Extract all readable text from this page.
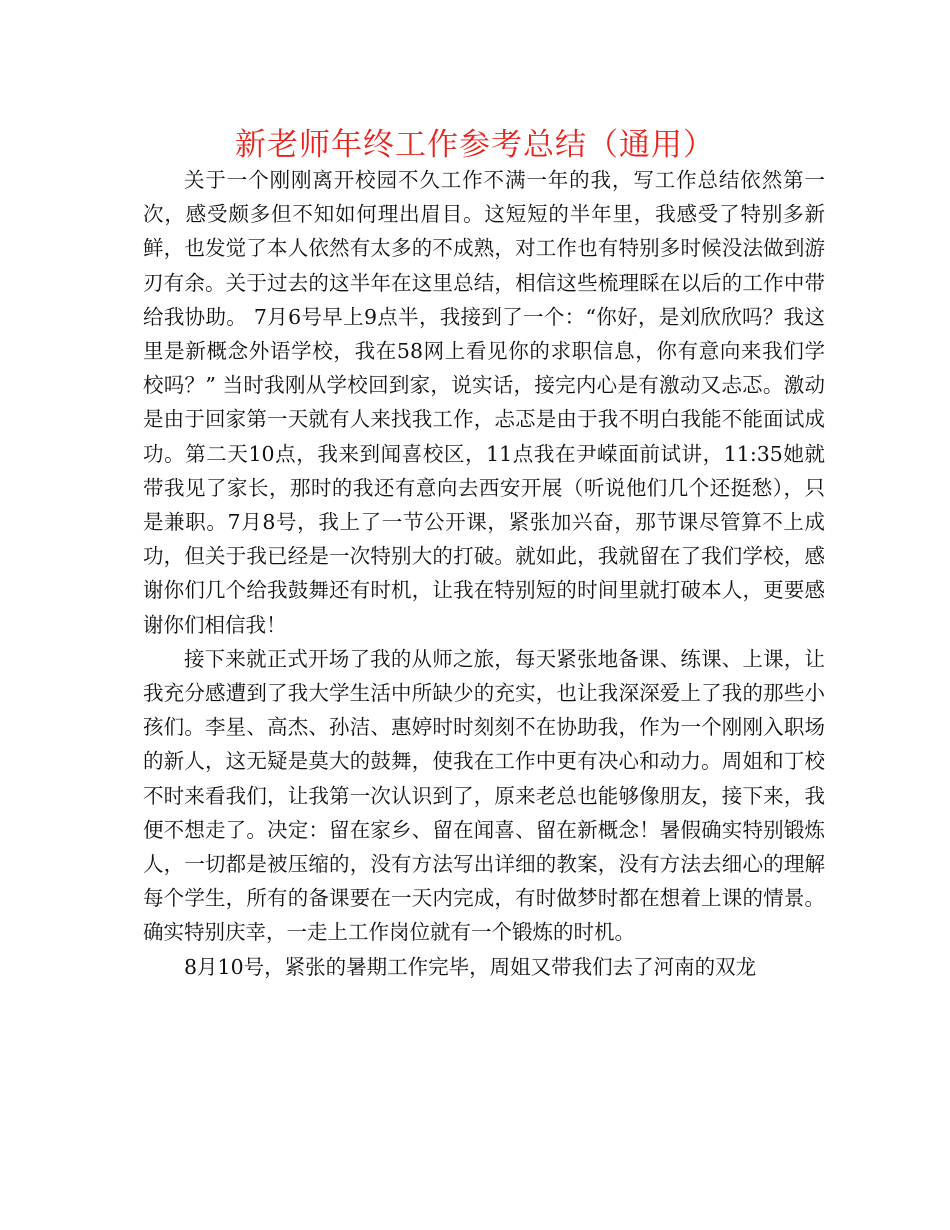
新老师年终工作参考总结（通用）

关于一个刚刚离开校园不久工作不满一年的我，写工作总结依然第一次，感受颇多但不知如何理出眉目。这短短的半年里，我感受了特别多新鲜，也发觉了本人依然有太多的不成熟，对工作也有特别多时候没法做到游刃有余。关于过去的这半年在这里总结，相信这些梳理睬在以后的工作中带给我协助。 7月6号早上9点半，我接到了一个：“你好，是刘欣欣吗？我这里是新概念外语学校，我在58网上看见你的求职信息，你有意向来我们学校吗？” 当时我刚从学校回到家，说实话，接完内心是有激动又忐忑。激动是由于回家第一天就有人来找我工作，忐忑是由于我不明白我能不能面试成功。第二天10点，我来到闻喜校区，11点我在尹嵘面前试讲，11:35她就带我见了家长，那时的我还有意向去西安开展（听说他们几个还挺愁），只是兼职。7月8号，我上了一节公开课，紧张加兴奋，那节课尽管算不上成功，但关于我已经是一次特别大的打破。就如此，我就留在了我们学校，感谢你们几个给我鼓舞还有时机，让我在特别短的时间里就打破本人，更要感谢你们相信我！

接下来就正式开场了我的从师之旅，每天紧张地备课、练课、上课，让我充分感遭到了我大学生活中所缺少的充实，也让我深深爱上了我的那些小孩们。李星、高杰、孙洁、惠婷时时刻刻不在协助我，作为一个刚刚入职场的新人，这无疑是莫大的鼓舞，使我在工作中更有决心和动力。周姐和丁校不时来看我们，让我第一次认识到了，原来老总也能够像朋友，接下来，我便不想走了。决定：留在家乡、留在闻喜、留在新概念！暑假确实特别锻炼人，一切都是被压缩的，没有方法写出详细的教案，没有方法去细心的理解每个学生，所有的备课要在一天内完成，有时做梦时都在想着上课的情景。确实特别庆幸，一走上工作岗位就有一个锻炼的时机。

8月10号，紧张的暑期工作完毕，周姐又带我们去了河南的双龙
